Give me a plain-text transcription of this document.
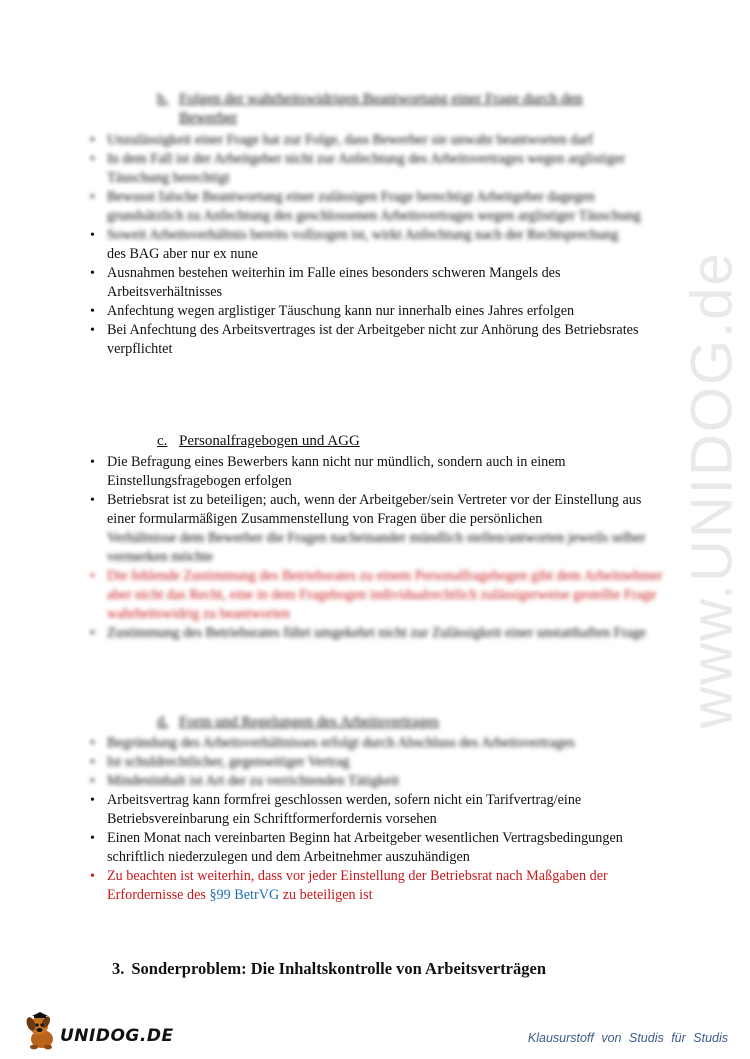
www.UNIDOG.de
b. Folgen der wahrheitswidrigen Beantwortung einer Frage durch den
Bewerber
• Unzulässigkeit einer Frage hat zur Folge, dass Bewerber sie unwahr beantworten darf
• In dem Fall ist der Arbeitgeber nicht zur Anfechtung des Arbeitsvertrages wegen arglistiger Täuschung berechtigt
• Bewusst falsche Beantwortung einer zulässigen Frage berechtigt Arbeitgeber dagegen grundsätzlich zu Anfechtung des geschlossenen Arbeitsvertrages wegen arglistiger Täuschung
• Soweit Arbeitsverhältnis bereits vollzogen ist, wirkt Anfechtung nach der Rechtsprechung
des BAG aber nur ex nune
• Ausnahmen bestehen weiterhin im Falle eines besonders schweren Mangels des Arbeitsverhältnisses
• Anfechtung wegen arglistiger Täuschung kann nur innerhalb eines Jahres erfolgen
• Bei Anfechtung des Arbeitsvertrages ist der Arbeitgeber nicht zur Anhörung des Betriebsrates verpflichtet
c. Personalfragebogen und AGG
• Die Befragung eines Bewerbers kann nicht nur mündlich, sondern auch in einem Einstellungsfragebogen erfolgen
• Betriebsrat ist zu beteiligen; auch, wenn der Arbeitgeber/sein Vertreter vor der Einstellung aus einer formularmäßigen Zusammenstellung von Fragen über die persönlichen
Verhältnisse dem Bewerber die Fragen nacheinander mündlich stellen/antworten jeweils selber vermerken möchte
• Die fehlende Zustimmung des Betriebsrates zu einem Personalfragebogen gibt dem Arbeitnehmer aber nicht das Recht, eine in dem Fragebogen individualrechtlich zulässigerweise gestellte Frage wahrheitswidrig zu beantworten
• Zustimmung des Betriebsrates führt umgekehrt nicht zur Zulässigkeit einer unstatthaften Frage
d. Form und Regelungen des Arbeitsvertrages
• Begründung des Arbeitsverhältnisses erfolgt durch Abschluss des Arbeitsvertrages
• Ist schuldrechtlicher, gegenseitiger Vertrag
• Mindestinhalt ist Art der zu verrichtenden Tätigkeit
• Arbeitsvertrag kann formfrei geschlossen werden, sofern nicht ein Tarifvertrag/eine Betriebsvereinbarung ein Schriftformerfordernis vorsehen
• Einen Monat nach vereinbarten Beginn hat Arbeitgeber wesentlichen Vertragsbedingungen schriftlich niederzulegen und dem Arbeitnehmer auszuhändigen
• Zu beachten ist weiterhin, dass vor jeder Einstellung der Betriebsrat nach Maßgaben der Erfordernisse des §99 BetrVG zu beteiligen ist
3. Sonderproblem: Die Inhaltskontrolle von Arbeitsverträgen
UNIDOG.DE	Klausurstoff von Studis für Studis
